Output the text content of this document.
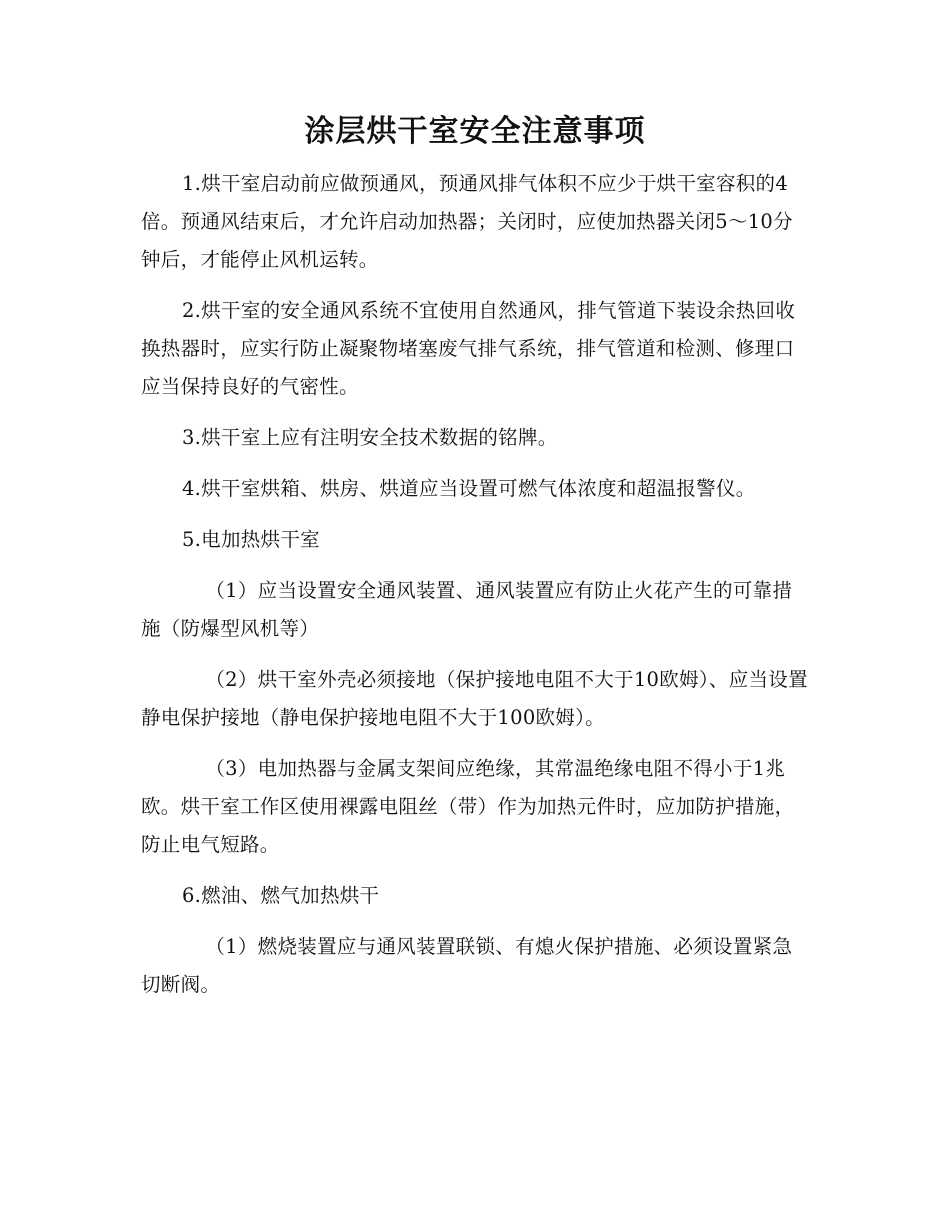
涂层烘干室安全注意事项

1.烘干室启动前应做预通风，预通风排气体积不应少于烘干室容积的4倍。预通风结束后，才允许启动加热器；关闭时，应使加热器关闭5～10分钟后，才能停止风机运转。

2.烘干室的安全通风系统不宜使用自然通风，排气管道下装设余热回收换热器时，应实行防止凝聚物堵塞废气排气系统，排气管道和检测、修理口应当保持良好的气密性。

3.烘干室上应有注明安全技术数据的铭牌。

4.烘干室烘箱、烘房、烘道应当设置可燃气体浓度和超温报警仪。

5.电加热烘干室

（1）应当设置安全通风装置、通风装置应有防止火花产生的可靠措施（防爆型风机等）

（2）烘干室外壳必须接地（保护接地电阻不大于10欧姆）、应当设置静电保护接地（静电保护接地电阻不大于100欧姆）。

（3）电加热器与金属支架间应绝缘，其常温绝缘电阻不得小于1兆欧。烘干室工作区使用裸露电阻丝（带）作为加热元件时，应加防护措施，防止电气短路。

6.燃油、燃气加热烘干

（1）燃烧装置应与通风装置联锁、有熄火保护措施、必须设置紧急切断阀。
